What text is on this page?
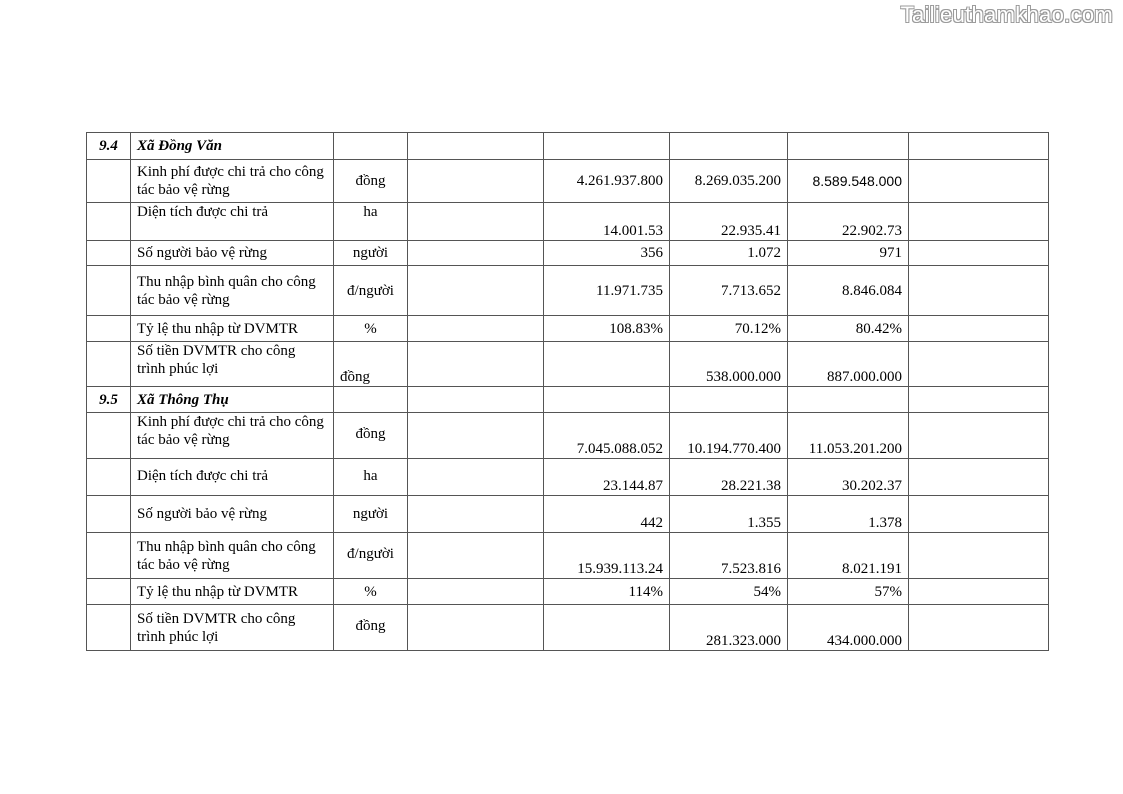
Tailieuthamkhao.com
9.4	Xã Đồng Văn						
	Kinh phí được chi trả cho công tác bảo vệ rừng	đồng		4.261.937.800	8.269.035.200	8.589.548.000	
	Diện tích được chi trả	ha		14.001.53	22.935.41	22.902.73	
	Số người bảo vệ rừng	người		356	1.072	971	
	Thu nhập bình quân cho công tác bảo vệ rừng	đ/người		11.971.735	7.713.652	8.846.084	
	Tỷ lệ thu nhập từ DVMTR	%		108.83%	70.12%	80.42%	
	Số tiền DVMTR cho công trình phúc lợi	đồng			538.000.000	887.000.000	
9.5	Xã Thông Thụ						
	Kinh phí được chi trả cho công tác bảo vệ rừng	đồng		7.045.088.052	10.194.770.400	11.053.201.200	
	Diện tích được chi trả	ha		23.144.87	28.221.38	30.202.37	
	Số người bảo vệ rừng	người		442	1.355	1.378	
	Thu nhập bình quân cho công tác bảo vệ rừng	đ/người		15.939.113.24	7.523.816	8.021.191	
	Tỷ lệ thu nhập từ DVMTR	%		114%	54%	57%	
	Số tiền DVMTR cho công trình phúc lợi	đồng			281.323.000	434.000.000	
